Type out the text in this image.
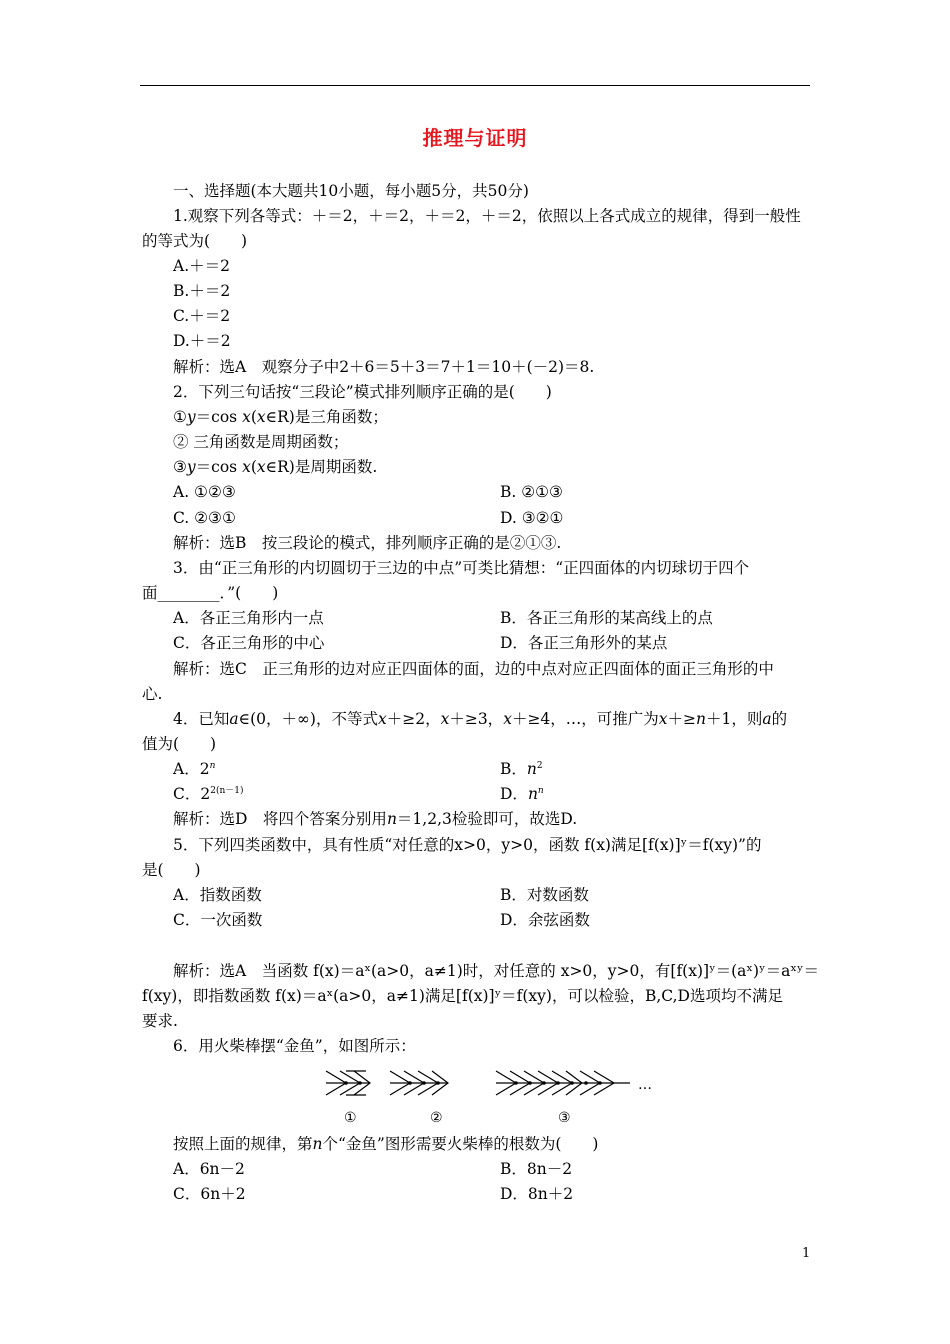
推理与证明
一、选择题(本大题共10小题，每小题5分，共50分)
1.观察下列各等式：＋＝2，＋＝2，＋＝2，＋＝2，依照以上各式成立的规律，得到一般性
的等式为(　　)
A.＋＝2
B.＋＝2
C.＋＝2
D.＋＝2
解析：选A　观察分子中2＋6＝5＋3＝7＋1＝10＋(－2)＝8.
2．下列三句话按“三段论”模式排列顺序正确的是(　　)
①y＝cos x(x∈R)是三角函数；
② 三角函数是周期函数；
③y＝cos x(x∈R)是周期函数.
A. ①②③	B. ②①③
C. ②③①	D. ③②①
解析：选B　按三段论的模式，排列顺序正确的是②①③.
3．由“正三角形的内切圆切于三边的中点”可类比猜想：“正四面体的内切球切于四个
面________．”(　　)
A．各正三角形内一点	B．各正三角形的某高线上的点
C．各正三角形的中心	D．各正三角形外的某点
解析：选C　正三角形的边对应正四面体的面，边的中点对应正四面体的面正三角形的中
心.
4．已知a∈(0，＋∞)，不等式x＋≥2，x＋≥3，x＋≥4，…，可推广为x＋≥n＋1，则a的
值为(　　)
A．2$^n$	B．$n^2$
C．$2^{2(n-1)}$	D．$n^n$
解析：选D　将四个答案分别用n＝1,2,3检验即可，故选D.
5．下列四类函数中，具有性质“对任意的x>0，y>0，函数 f(x)满足[f(x)]ʸ＝f(xy)”的
是(　　)
A．指数函数	B．对数函数
C．一次函数	D．余弦函数
解析：选A　当函数 f(x)＝aˣ(a>0，a≠1)时，对任意的 x>0，y>0，有[f(x)]ʸ＝(aˣ)ʸ＝aˣʸ＝
f(xy)，即指数函数 f(x)＝aˣ(a>0，a≠1)满足[f(x)]ʸ＝f(xy)，可以检验，B,C,D选项均不满足
要求.
6．用火柴棒摆“金鱼”，如图所示：
①	②	③
…
按照上面的规律，第n个“金鱼”图形需要火柴棒的根数为(　　)
A．6n－2	B．8n－2
C．6n＋2	D．8n＋2
1
